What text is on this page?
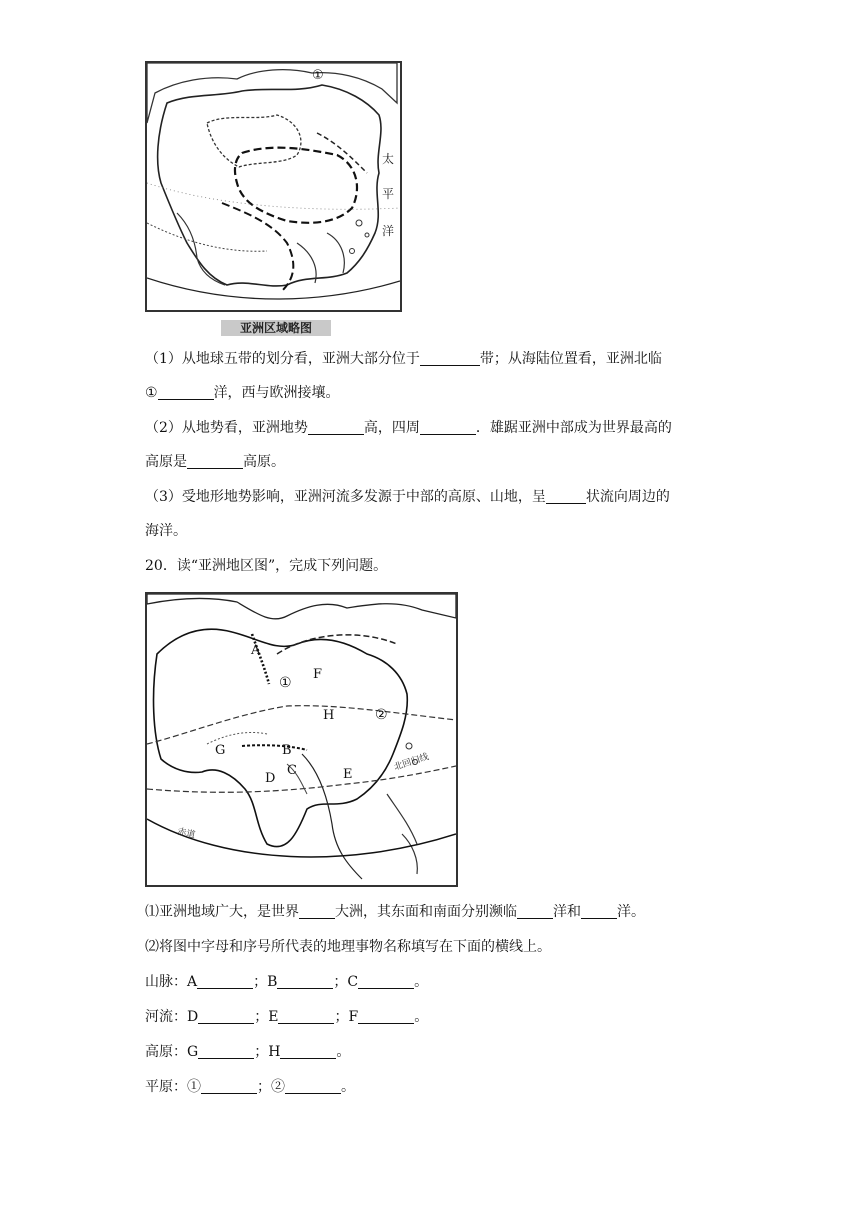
①
太
平
洋
亚洲区域略图
（1）从地球五带的划分看，亚洲大部分位于	带；从海陆位置看，亚洲北临
①	洋，西与欧洲接壤。
（2）从地势看，亚洲地势	高，四周	．雄踞亚洲中部成为世界最高的
高原是	高原。
（3）受地形地势影响，亚洲河流多发源于中部的高原、山地，呈	状流向周边的
海洋。
20．读“亚洲地区图”，完成下列问题。
A
F
①
H	②
G	B
C
D	E
北回归线
赤道
⑴亚洲地域广大，是世界	大洲，其东面和南面分别濒临	洋和	洋。
⑵将图中字母和序号所代表的地理事物名称填写在下面的横线上。
山脉：A	；B	；C	。
河流：D	；E	；F	。
高原：G	；H	。
平原：①	；②	。
